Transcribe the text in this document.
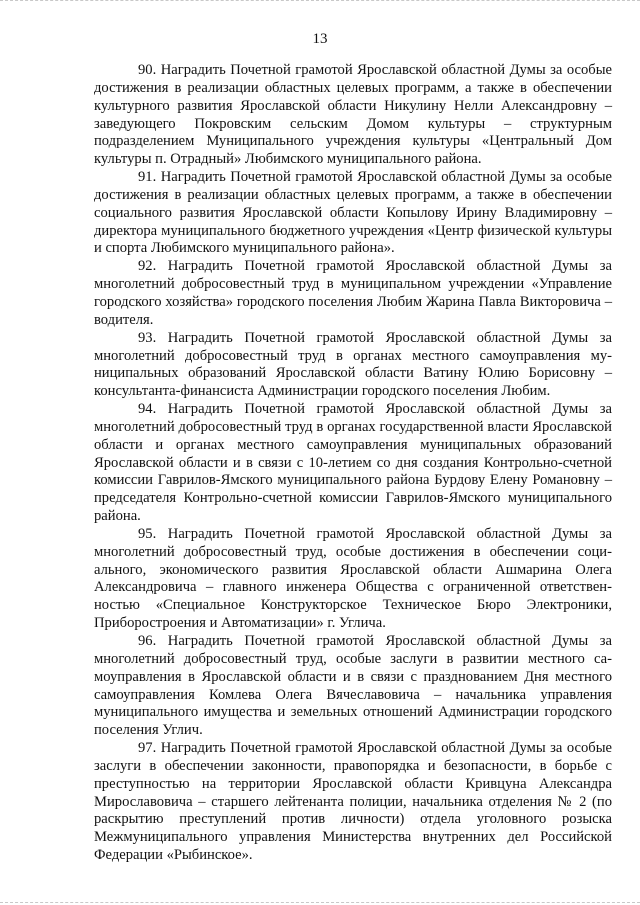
13

90. Наградить Почетной грамотой Ярославской областной Думы за особые достижения в реализации областных целевых программ, а также в обеспечении культурного развития Ярославской области Никулину Нелли Александровну – заведующего Покровским сельским Домом культуры – структурным подразделением Муниципального учреждения культуры «Центральный Дом культуры п. Отрадный» Любимского муниципального района.

91. Наградить Почетной грамотой Ярославской областной Думы за особые достижения в реализации областных целевых программ, а также в обеспечении социального развития Ярославской области Копылову Ирину Владимировну – директора муниципального бюджетного учреждения «Центр физической культуры и спорта Любимского муниципального района».

92. Наградить Почетной грамотой Ярославской областной Думы за многолетний добросовестный труд в муниципальном учреждении «Управление городского хозяйства» городского поселения Любим Жарина Павла Викторовича – водителя.

93. Наградить Почетной грамотой Ярославской областной Думы за многолетний добросовестный труд в органах местного самоуправления муниципальных образований Ярославской области Ватину Юлию Борисовну – консультанта-финансиста Администрации городского поселения Любим.

94. Наградить Почетной грамотой Ярославской областной Думы за многолетний добросовестный труд в органах государственной власти Ярославской области и органах местного самоуправления муниципальных образований Ярославской области и в связи с 10-летием со дня создания Контрольно-счетной комиссии Гаврилов-Ямского муниципального района Бурдову Елену Романовну – председателя Контрольно-счетной комиссии Гаврилов-Ямского муниципального района.

95. Наградить Почетной грамотой Ярославской областной Думы за многолетний добросовестный труд, особые достижения в обеспечении социального, экономического развития Ярославской области Ашмарина Олега Александровича – главного инженера Общества с ограниченной ответственностью «Специальное Конструкторское Техническое Бюро Электроники, Приборостроения и Автоматизации» г. Углича.

96. Наградить Почетной грамотой Ярославской областной Думы за многолетний добросовестный труд, особые заслуги в развитии местного самоуправления в Ярославской области и в связи с празднованием Дня местного самоуправления Комлева Олега Вячеславовича – начальника управления муниципального имущества и земельных отношений Администрации городского поселения Углич.

97. Наградить Почетной грамотой Ярославской областной Думы за особые заслуги в обеспечении законности, правопорядка и безопасности, в борьбе с преступностью на территории Ярославской области Кривцуна Александра Мирославовича – старшего лейтенанта полиции, начальника отделения № 2 (по раскрытию преступлений против личности) отдела уголовного розыска Межмуниципального управления Министерства внутренних дел Российской Федерации «Рыбинское».
